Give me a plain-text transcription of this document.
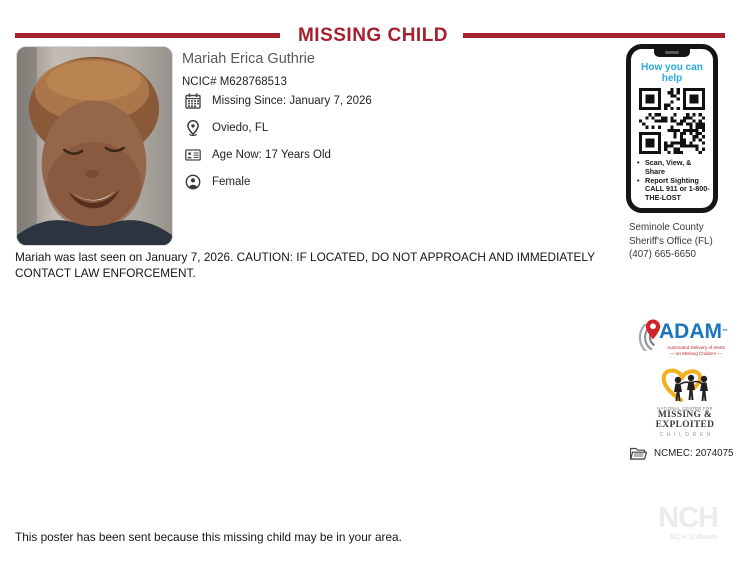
MISSING CHILD
Mariah Erica Guthrie
NCIC# M628768513
Missing Since: January 7, 2026
Oviedo, FL
Age Now: 17 Years Old
Female
How you can help
• Scan, View, & Share
• Report Sighting CALL 911 or 1-800-THE-LOST
Seminole County
Sheriff's Office (FL)
(407) 665-6650
Mariah was last seen on January 7, 2026. CAUTION: IF LOCATED, DO NOT APPROACH AND IMMEDIATELY CONTACT LAW ENFORCEMENT.
ADAM™
Automated Delivery of Alerts
— on Missing Children —
NATIONAL CENTER FOR
MISSING &
EXPLOITED
CHILDREN
NCMEC: 2074075
This poster has been sent because this missing child may be in your area.
NCH
NCH Software
